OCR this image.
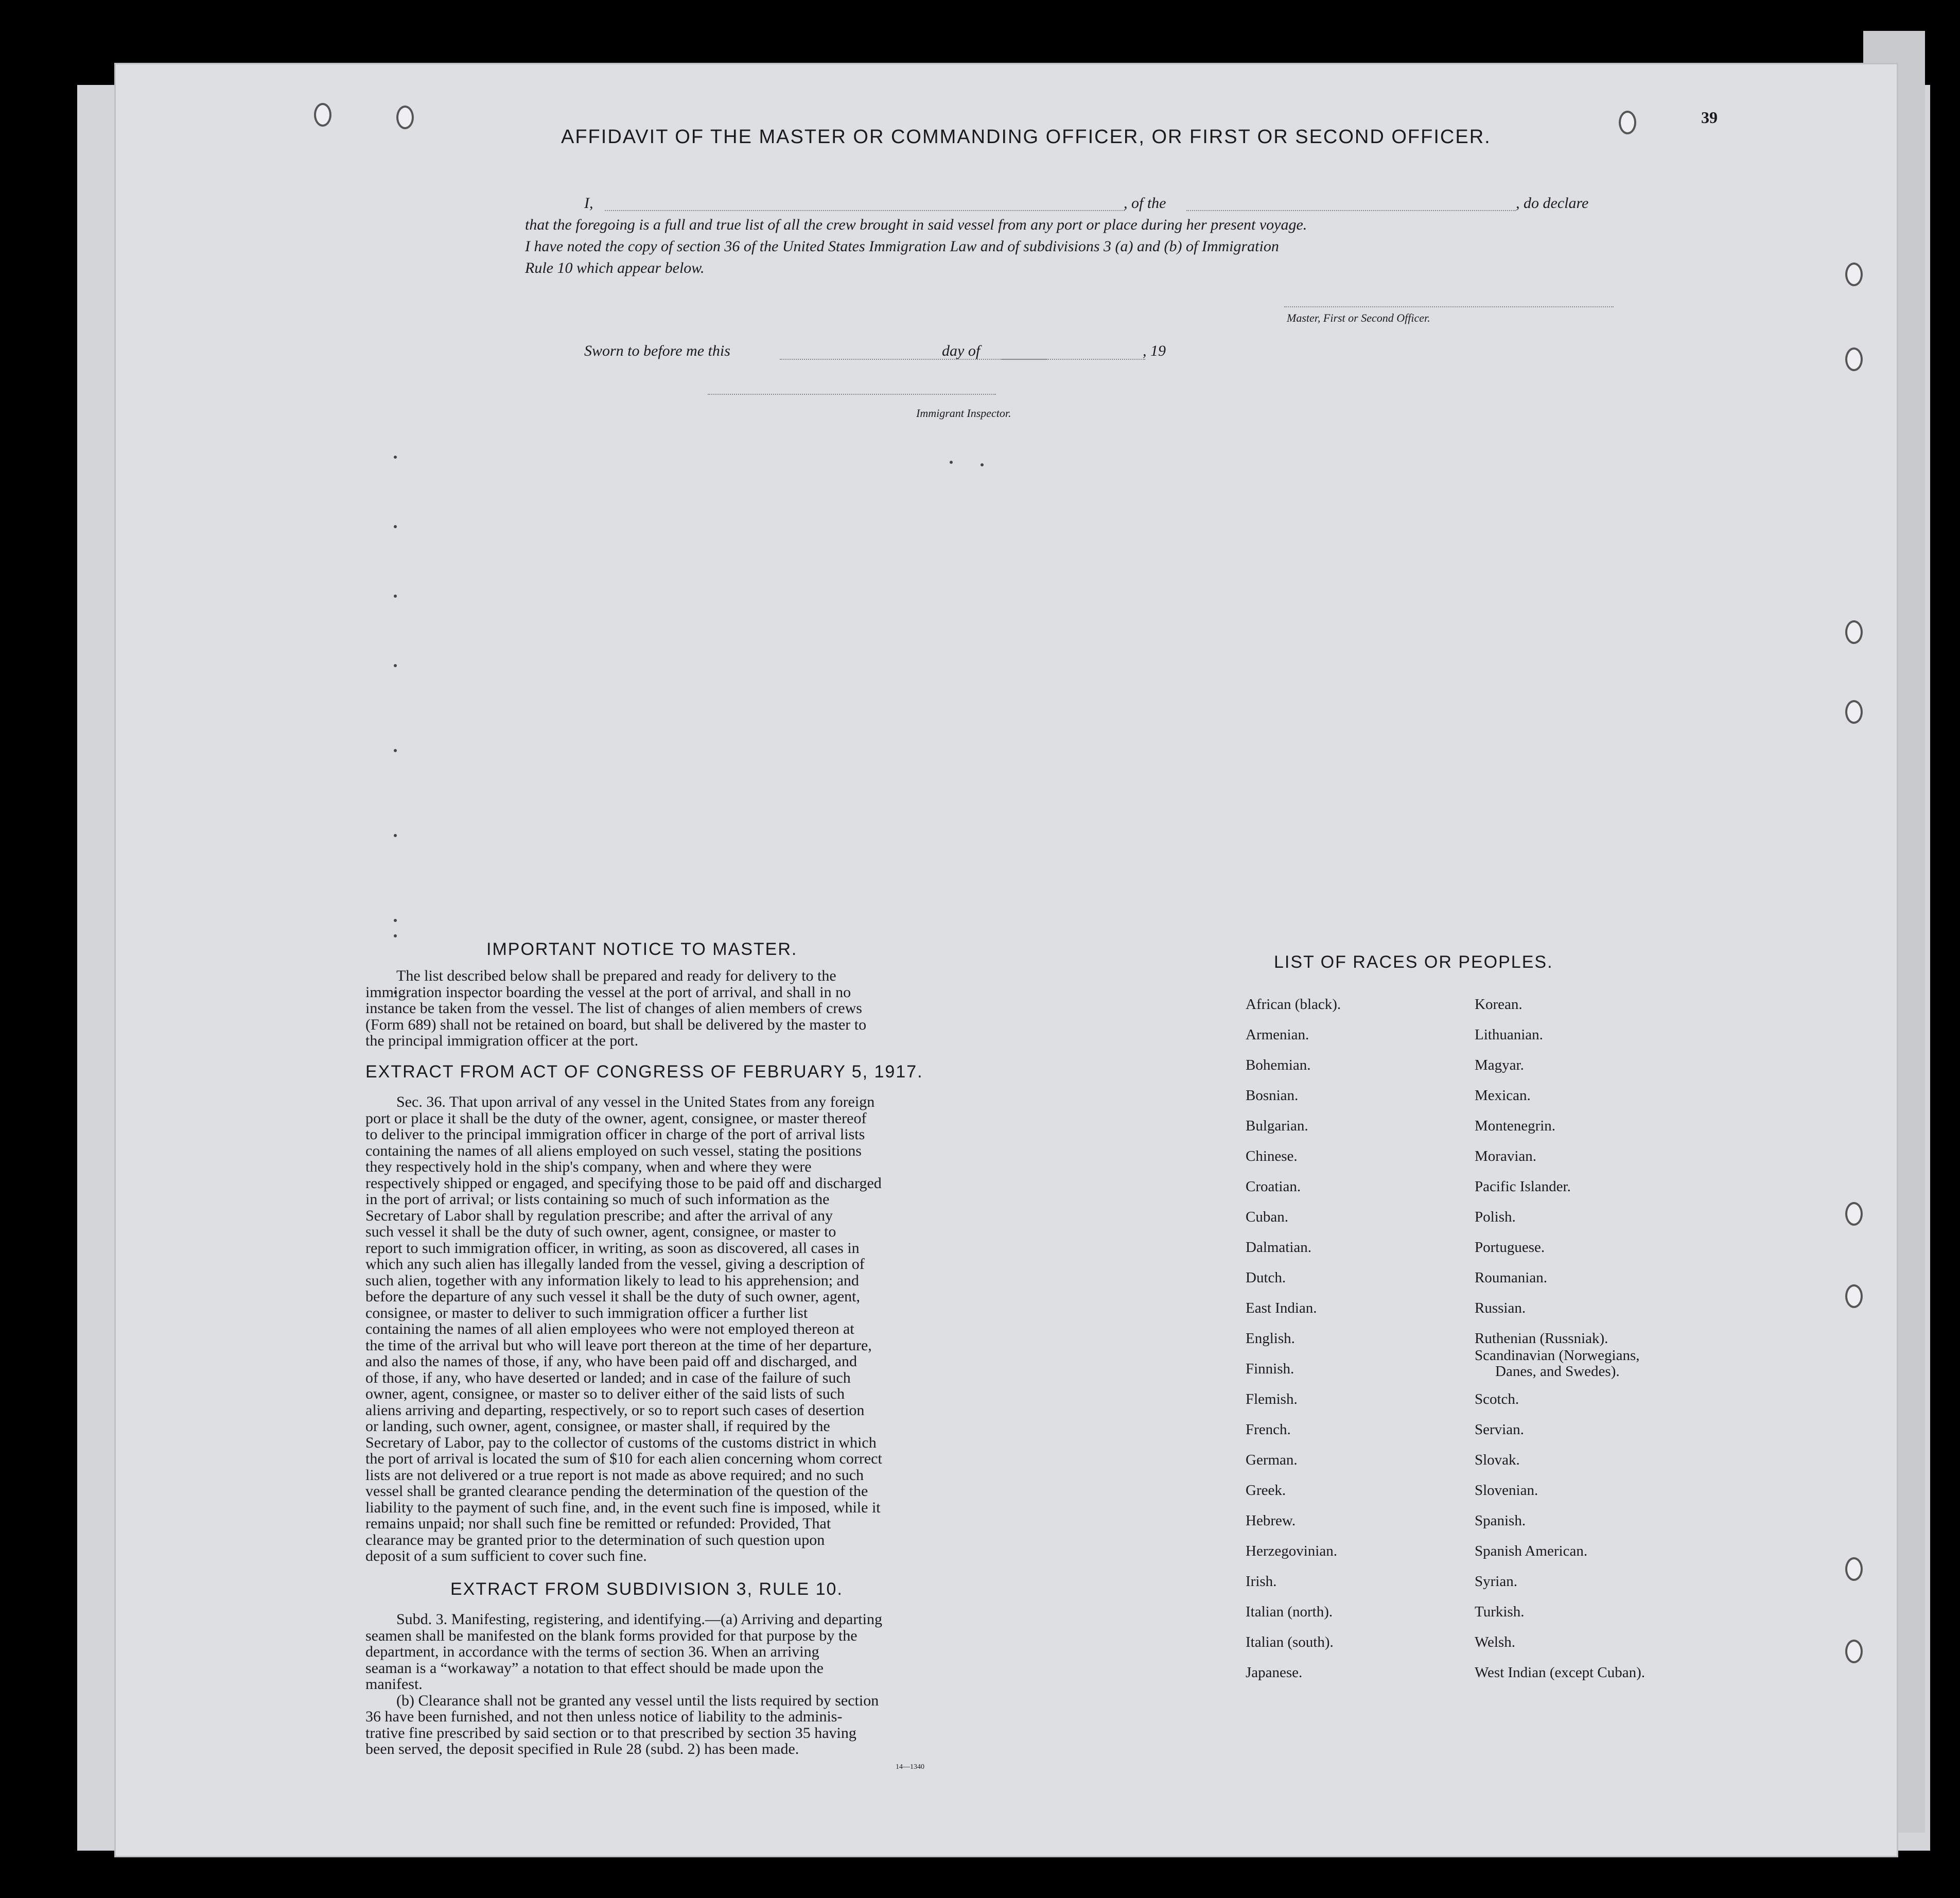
39
AFFIDAVIT OF THE MASTER OR COMMANDING OFFICER, OR FIRST OR SECOND OFFICER.
I,	, of the	, do declare
that the foregoing is a full and true list of all the crew brought in said vessel from any port or place during her present voyage.
I have noted the copy of section 36 of the United States Immigration Law and of subdivisions 3 (a) and (b) of Immigration
Rule 10 which appear below.
Master, First or Second Officer.
Sworn to before me this	day of	, 19
Immigrant Inspector.
IMPORTANT NOTICE TO MASTER.
The list described below shall be prepared and ready for delivery to the
immigration inspector boarding the vessel at the port of arrival, and shall in no
instance be taken from the vessel. The list of changes of alien members of crews
(Form 689) shall not be retained on board, but shall be delivered by the master to
the principal immigration officer at the port.
EXTRACT FROM ACT OF CONGRESS OF FEBRUARY 5, 1917.
Sec. 36. That upon arrival of any vessel in the United States from any foreign
port or place it shall be the duty of the owner, agent, consignee, or master thereof
to deliver to the principal immigration officer in charge of the port of arrival lists
containing the names of all aliens employed on such vessel, stating the positions
they respectively hold in the ship's company, when and where they were
respectively shipped or engaged, and specifying those to be paid off and discharged
in the port of arrival; or lists containing so much of such information as the
Secretary of Labor shall by regulation prescribe; and after the arrival of any
such vessel it shall be the duty of such owner, agent, consignee, or master to
report to such immigration officer, in writing, as soon as discovered, all cases in
which any such alien has illegally landed from the vessel, giving a description of
such alien, together with any information likely to lead to his apprehension; and
before the departure of any such vessel it shall be the duty of such owner, agent,
consignee, or master to deliver to such immigration officer a further list
containing the names of all alien employees who were not employed thereon at
the time of the arrival but who will leave port thereon at the time of her departure,
and also the names of those, if any, who have been paid off and discharged, and
of those, if any, who have deserted or landed; and in case of the failure of such
owner, agent, consignee, or master so to deliver either of the said lists of such
aliens arriving and departing, respectively, or so to report such cases of desertion
or landing, such owner, agent, consignee, or master shall, if required by the
Secretary of Labor, pay to the collector of customs of the customs district in which
the port of arrival is located the sum of $10 for each alien concerning whom correct
lists are not delivered or a true report is not made as above required; and no such
vessel shall be granted clearance pending the determination of the question of the
liability to the payment of such fine, and, in the event such fine is imposed, while it
remains unpaid; nor shall such fine be remitted or refunded: Provided, That
clearance may be granted prior to the determination of such question upon
deposit of a sum sufficient to cover such fine.
EXTRACT FROM SUBDIVISION 3, RULE 10.
Subd. 3. Manifesting, registering, and identifying.—(a) Arriving and departing
seamen shall be manifested on the blank forms provided for that purpose by the
department, in accordance with the terms of section 36. When an arriving
seaman is a “workaway” a notation to that effect should be made upon the
manifest.
(b) Clearance shall not be granted any vessel until the lists required by section
36 have been furnished, and not then unless notice of liability to the adminis-
trative fine prescribed by said section or to that prescribed by section 35 having
been served, the deposit specified in Rule 28 (subd. 2) has been made.
14—1340
LIST OF RACES OR PEOPLES.
African (black).
Armenian.
Bohemian.
Bosnian.
Bulgarian.
Chinese.
Croatian.
Cuban.
Dalmatian.
Dutch.
East Indian.
English.
Finnish.
Flemish.
French.
German.
Greek.
Hebrew.
Herzegovinian.
Irish.
Italian (north).
Italian (south).
Japanese.
Korean.
Lithuanian.
Magyar.
Mexican.
Montenegrin.
Moravian.
Pacific Islander.
Polish.
Portuguese.
Roumanian.
Russian.
Ruthenian (Russniak).
Scandinavian (Norwegians,
Danes, and Swedes).
Scotch.
Servian.
Slovak.
Slovenian.
Spanish.
Spanish American.
Syrian.
Turkish.
Welsh.
West Indian (except Cuban).
